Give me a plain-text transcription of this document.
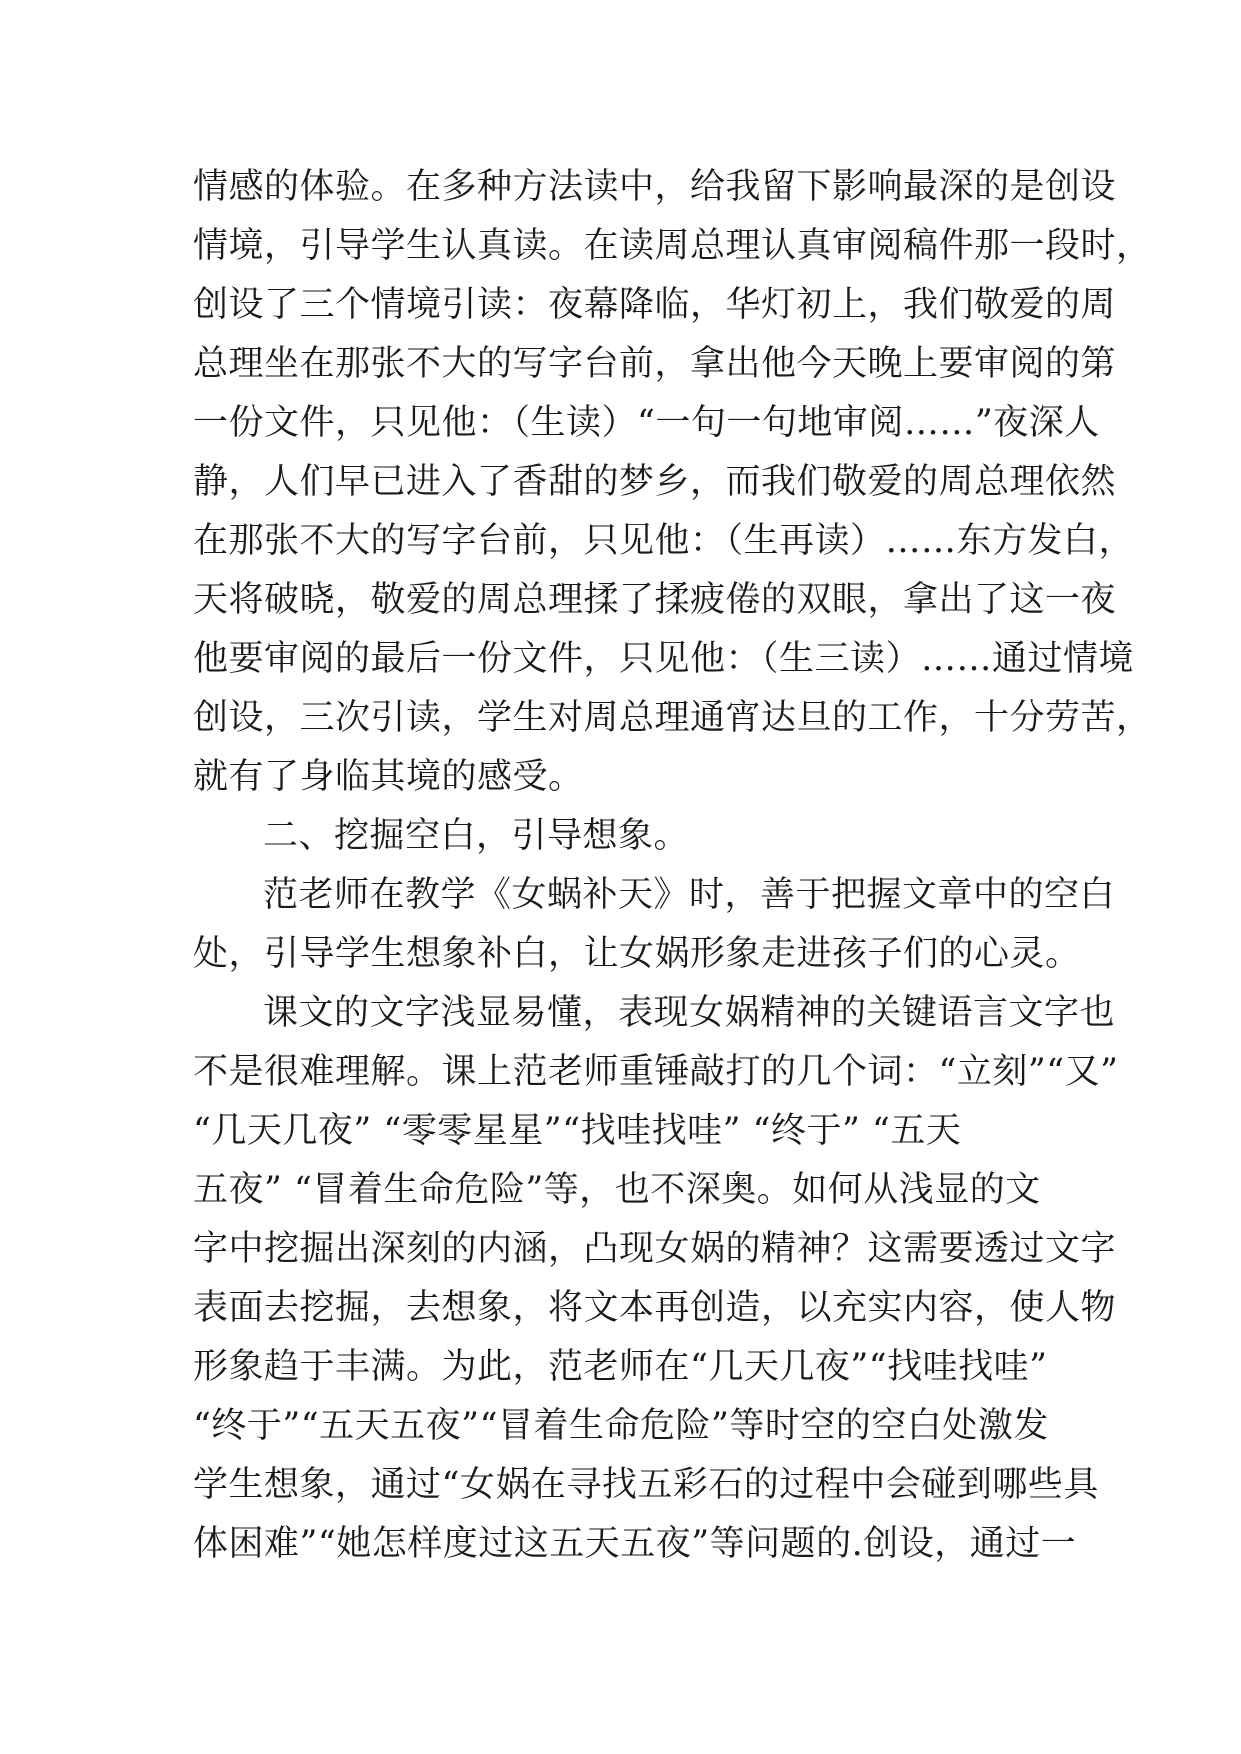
情感的体验。在多种方法读中，给我留下影响最深的是创设
情境，引导学生认真读。在读周总理认真审阅稿件那一段时，
创设了三个情境引读：夜幕降临，华灯初上，我们敬爱的周
总理坐在那张不大的写字台前，拿出他今天晚上要审阅的第
一份文件，只见他：（生读）“一句一句地审阅……”夜深人
静，人们早已进入了香甜的梦乡，而我们敬爱的周总理依然
在那张不大的写字台前，只见他：（生再读）……东方发白，
天将破晓，敬爱的周总理揉了揉疲倦的双眼，拿出了这一夜
他要审阅的最后一份文件，只见他：（生三读）……通过情境
创设，三次引读，学生对周总理通宵达旦的工作，十分劳苦，
就有了身临其境的感受。
二、挖掘空白，引导想象。
范老师在教学《女蜗补天》时，善于把握文章中的空白
处，引导学生想象补白，让女娲形象走进孩子们的心灵。
课文的文字浅显易懂，表现女娲精神的关键语言文字也
不是很难理解。课上范老师重锤敲打的几个词：“立刻”“又”
“几天几夜” “零零星星”“找哇找哇” “终于” “五天
五夜” “冒着生命危险”等，也不深奥。如何从浅显的文
字中挖掘出深刻的内涵，凸现女娲的精神？这需要透过文字
表面去挖掘，去想象，将文本再创造，以充实内容，使人物
形象趋于丰满。为此，范老师在“几天几夜”“找哇找哇”
“终于”“五天五夜”“冒着生命危险”等时空的空白处激发
学生想象，通过“女娲在寻找五彩石的过程中会碰到哪些具
体困难”“她怎样度过这五天五夜”等问题的.创设，通过一
